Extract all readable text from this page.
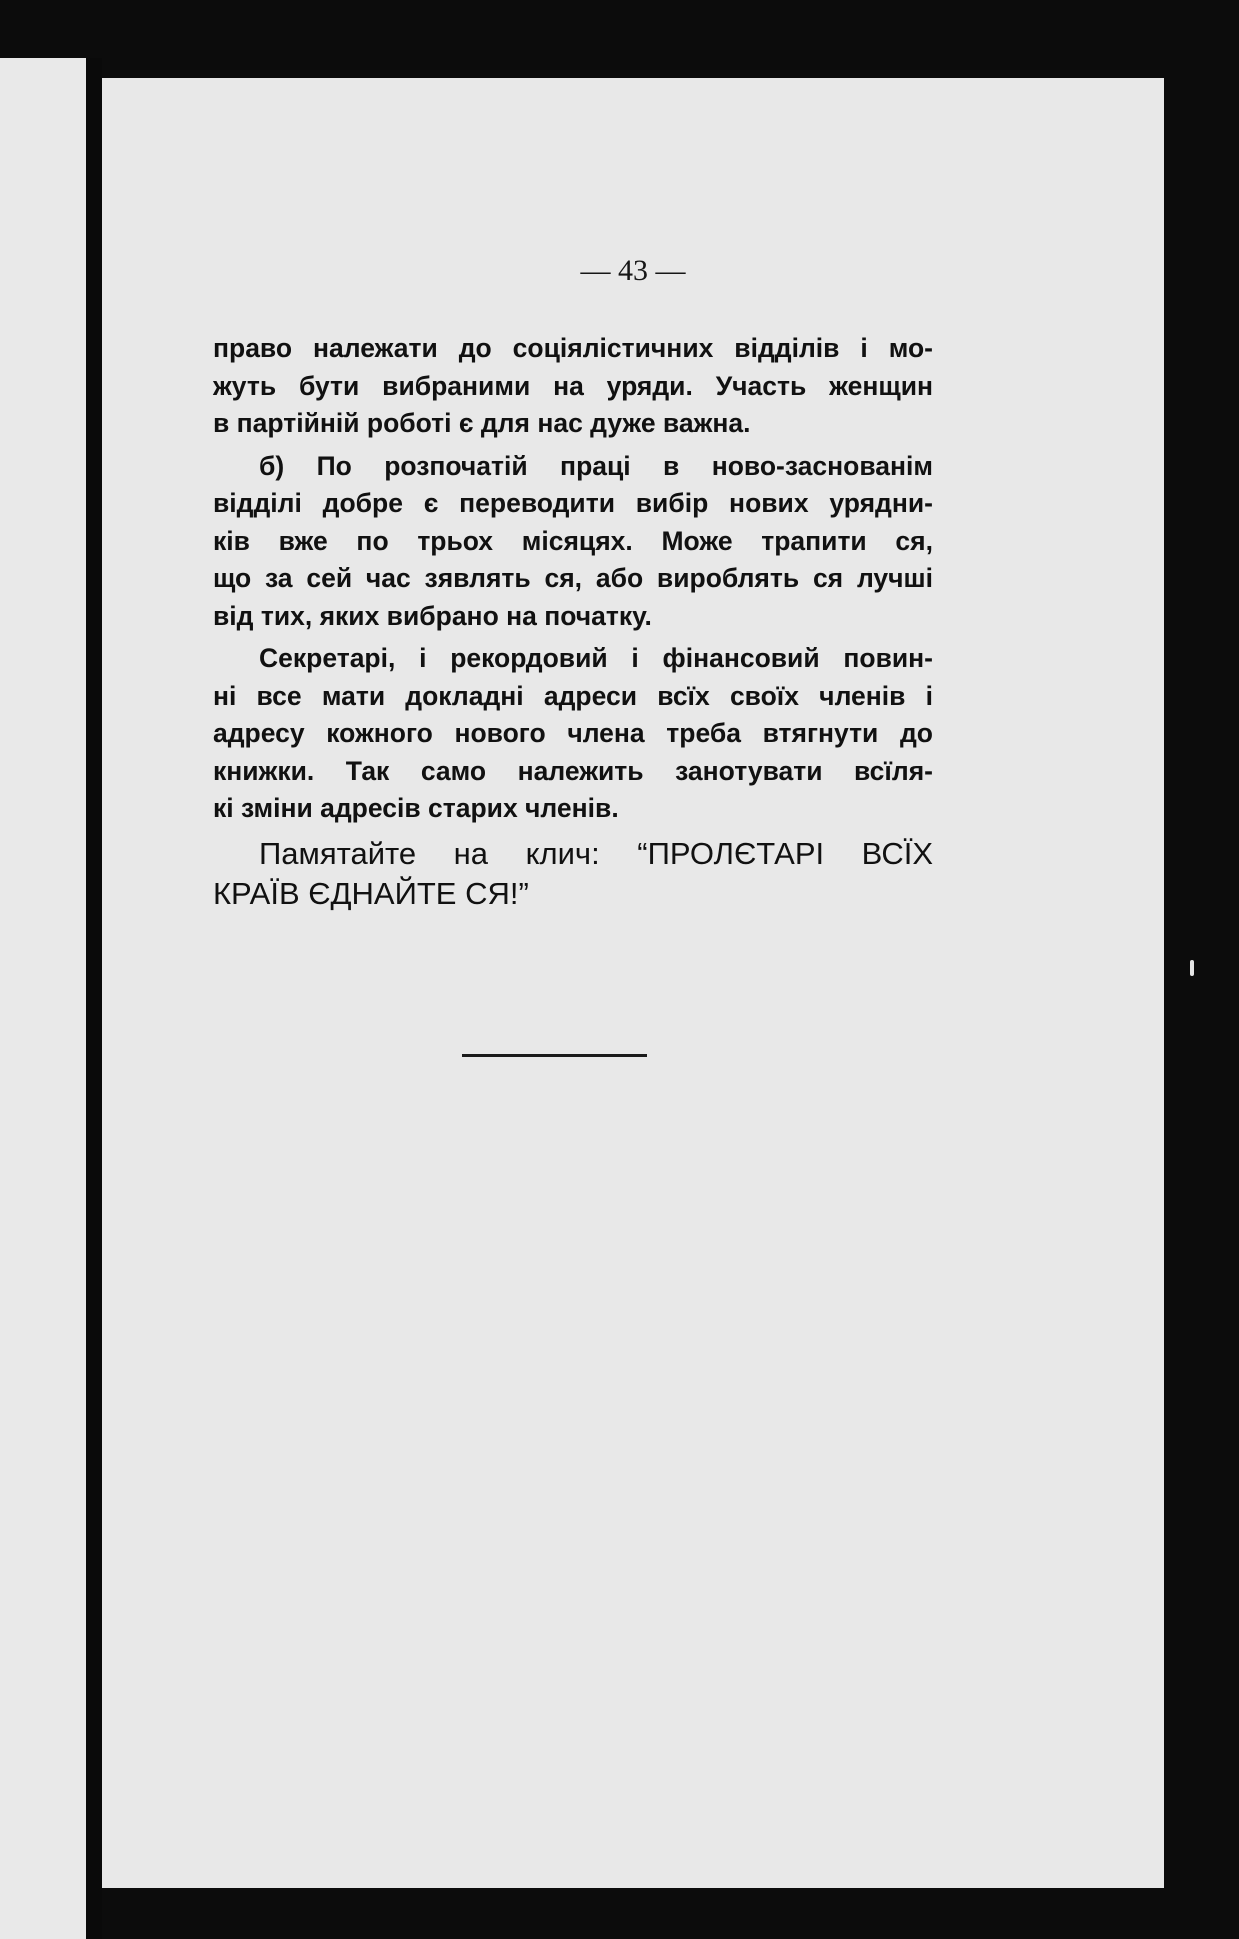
— 43 —
право належати до соціялістичних відділів і мо-
жуть бути вибраними на уряди. Участь женщин
в партійній роботі є для нас дуже важна.
б) По розпочатій праці в ново-заснованім
відділі добре є переводити вибір нових урядни-
ків вже по трьох місяцях. Може трапити ся,
що за сей час зявлять ся, або вироблять ся лучші
від тих, яких вибрано на початку.
Секретарі, і рекордовий і фінансовий повин-
ні все мати докладні адреси всїх своїх членів і
адресу кожного нового члена треба втягнути до
книжки. Так само належить занотувати всїля-
кі зміни адресів старих членів.
Памятайте на клич: “ПРОЛЄТАРІ ВСЇХ
КРАЇВ ЄДНАЙТЕ СЯ!”
